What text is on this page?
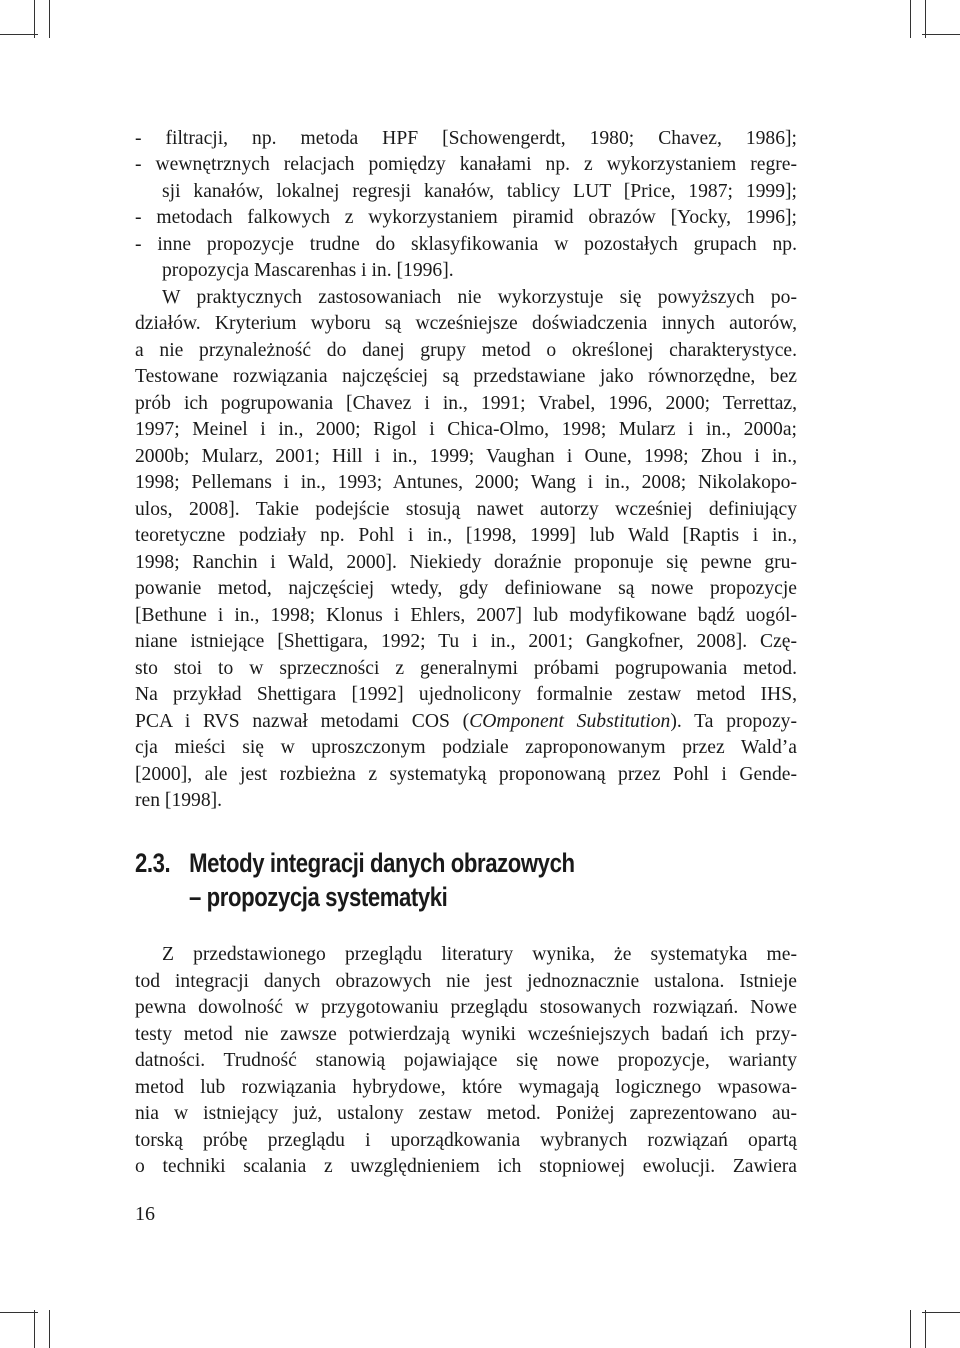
- filtracji, np. metoda HPF [Schowengerdt, 1980; Chavez, 1986];
- wewnętrznych relacjach pomiędzy kanałami np. z wykorzystaniem regre-
sji kanałów, lokalnej regresji kanałów, tablicy LUT [Price, 1987; 1999];
- metodach falkowych z wykorzystaniem piramid obrazów [Yocky, 1996];
- inne propozycje trudne do sklasyfikowania w pozostałych grupach np.
propozycja Mascarenhas i in. [1996].
W praktycznych zastosowaniach nie wykorzystuje się powyższych po-
działów. Kryterium wyboru są wcześniejsze doświadczenia innych autorów,
a nie przynależność do danej grupy metod o określonej charakterystyce.
Testowane rozwiązania najczęściej są przedstawiane jako równorzędne, bez
prób ich pogrupowania [Chavez i in., 1991; Vrabel, 1996, 2000; Terrettaz,
1997; Meinel i in., 2000; Rigol i Chica-Olmo, 1998; Mularz i in., 2000a;
2000b; Mularz, 2001; Hill i in., 1999; Vaughan i Oune, 1998; Zhou i in.,
1998; Pellemans i in., 1993; Antunes, 2000; Wang i in., 2008; Nikolakopo-
ulos, 2008]. Takie podejście stosują nawet autorzy wcześniej definiujący
teoretyczne podziały np. Pohl i in., [1998, 1999] lub Wald [Raptis i in.,
1998; Ranchin i Wald, 2000]. Niekiedy doraźnie proponuje się pewne gru-
powanie metod, najczęściej wtedy, gdy definiowane są nowe propozycje
[Bethune i in., 1998; Klonus i Ehlers, 2007] lub modyfikowane bądź uogól-
niane istniejące [Shettigara, 1992; Tu i in., 2001; Gangkofner, 2008]. Czę-
sto stoi to w sprzeczności z generalnymi próbami pogrupowania metod.
Na przykład Shettigara [1992] ujednolicony formalnie zestaw metod IHS,
PCA i RVS nazwał metodami COS (COmponent Substitution). Ta propozy-
cja mieści się w uproszczonym podziale zaproponowanym przez Wald’a
[2000], ale jest rozbieżna z systematyką proponowaną przez Pohl i Gende-
ren [1998].
2.3. Metody integracji danych obrazowych
– propozycja systematyki
Z przedstawionego przeglądu literatury wynika, że systematyka me-
tod integracji danych obrazowych nie jest jednoznacznie ustalona. Istnieje
pewna dowolność w przygotowaniu przeglądu stosowanych rozwiązań. Nowe
testy metod nie zawsze potwierdzają wyniki wcześniejszych badań ich przy-
datności. Trudność stanowią pojawiające się nowe propozycje, warianty
metod lub rozwiązania hybrydowe, które wymagają logicznego wpasowa-
nia w istniejący już, ustalony zestaw metod. Poniżej zaprezentowano au-
torską próbę przeglądu i uporządkowania wybranych rozwiązań opartą
o techniki scalania z uwzględnieniem ich stopniowej ewolucji. Zawiera
16
